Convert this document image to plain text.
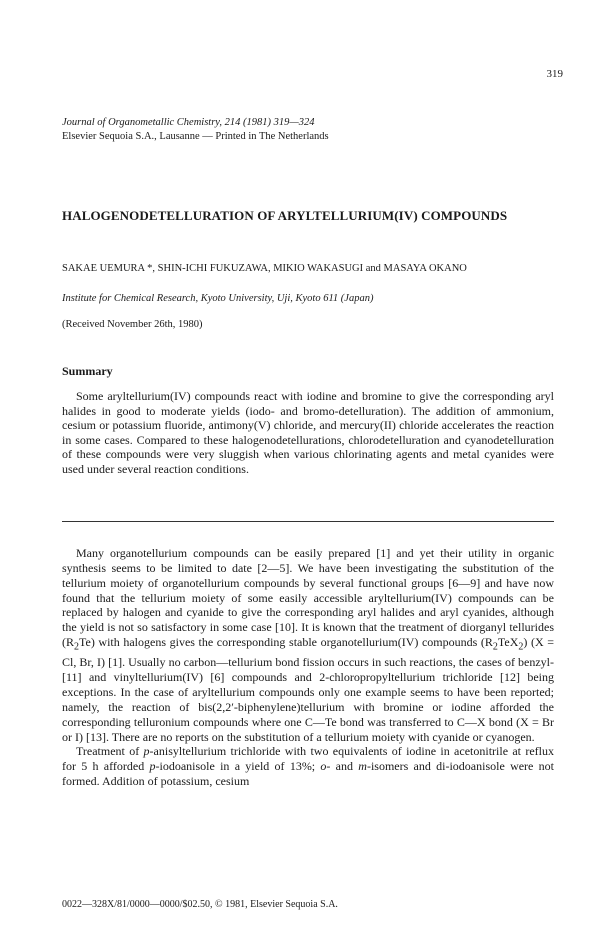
319
Journal of Organometallic Chemistry, 214 (1981) 319—324
Elsevier Sequoia S.A., Lausanne — Printed in The Netherlands
HALOGENODETELLURATION OF ARYLTELLURIUM(IV) COMPOUNDS
SAKAE UEMURA *, SHIN-ICHI FUKUZAWA, MIKIO WAKASUGI and MASAYA OKANO
Institute for Chemical Research, Kyoto University, Uji, Kyoto 611 (Japan)
(Received November 26th, 1980)
Summary

Some aryltellurium(IV) compounds react with iodine and bromine to give the corresponding aryl halides in good to moderate yields (iodo- and bromo-detelluration). The addition of ammonium, cesium or potassium fluoride, antimony(V) chloride, and mercury(II) chloride accelerates the reaction in some cases. Compared to these halogenodetellurations, chlorodetelluration and cyanodetelluration of these compounds were very sluggish when various chlorinating agents and metal cyanides were used under several reaction conditions.

Many organotellurium compounds can be easily prepared [1] and yet their utility in organic synthesis seems to be limited to date [2—5]. We have been investigating the substitution of the tellurium moiety of organotellurium compounds by several functional groups [6—9] and have now found that the tellurium moiety of some easily accessible aryltellurium(IV) compounds can be replaced by halogen and cyanide to give the corresponding aryl halides and aryl cyanides, although the yield is not so satisfactory in some case [10]. It is known that the treatment of diorganyl tellurides $(R_2Te)$ with halogens gives the corresponding stable organotellurium(IV) compounds $(R_2TeX_2) (X = Cl$, Br, I) [1]. Usually no carbon—tellurium bond fission occurs in such reactions, the cases of benzyl- [11] and vinyltellurium(IV) [6] compounds and 2-chloropropyltellurium trichloride [12] being exceptions. In the case of aryltellurium compounds only one example seems to have been reported; namely, the reaction of bis(2,2′-biphenylene)tellurium with bromine or iodine afforded the corresponding telluronium compounds where one C—Te bond was transferred to C—X bond (X = Br or I) [13]. There are no reports on the substitution of a tellurium moiety with cyanide or cyanogen.

Treatment of p-anisyltellurium trichloride with two equivalents of iodine in acetonitrile at reflux for 5 h afforded p-iodoanisole in a yield of 13%; o- and m-isomers and di-iodoanisole were not formed. Addition of potassium, cesium

0022—328X/81/0000—0000/$02.50, © 1981, Elsevier Sequoia S.A.
